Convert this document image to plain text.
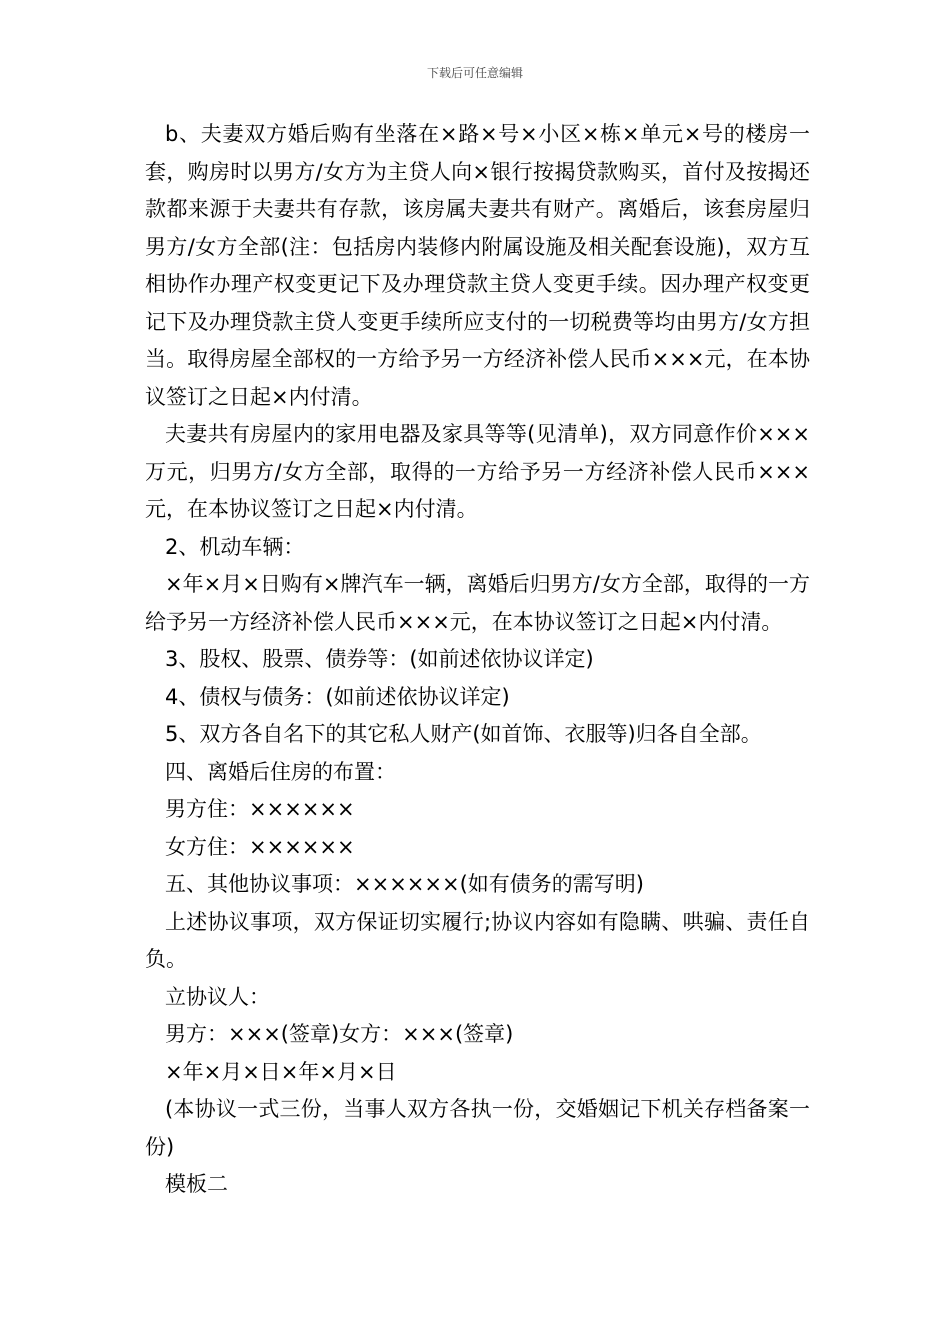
下载后可任意编辑

b、夫妻双方婚后购有坐落在×路×号×小区×栋×单元×号的楼房一套，购房时以男方/女方为主贷人向×银行按揭贷款购买，首付及按揭还款都来源于夫妻共有存款，该房属夫妻共有财产。离婚后，该套房屋归男方/女方全部(注：包括房内装修内附属设施及相关配套设施)，双方互相协作办理产权变更记下及办理贷款主贷人变更手续。因办理产权变更记下及办理贷款主贷人变更手续所应支付的一切税费等均由男方/女方担当。取得房屋全部权的一方给予另一方经济补偿人民币×××元，在本协议签订之日起×内付清。

夫妻共有房屋内的家用电器及家具等等(见清单)，双方同意作价×××万元，归男方/女方全部，取得的一方给予另一方经济补偿人民币×××元，在本协议签订之日起×内付清。

2、机动车辆：

×年×月×日购有×牌汽车一辆，离婚后归男方/女方全部，取得的一方给予另一方经济补偿人民币×××元，在本协议签订之日起×内付清。

3、股权、股票、债券等：(如前述依协议详定)

4、债权与债务：(如前述依协议详定)

5、双方各自名下的其它私人财产(如首饰、衣服等)归各自全部。

四、离婚后住房的布置：

男方住：××××××

女方住：××××××

五、其他协议事项：××××××(如有债务的需写明)

上述协议事项，双方保证切实履行;协议内容如有隐瞒、哄骗、责任自负。

立协议人：

男方：×××(签章)女方：×××(签章)

×年×月×日×年×月×日

(本协议一式三份，当事人双方各执一份，交婚姻记下机关存档备案一份)

模板二
